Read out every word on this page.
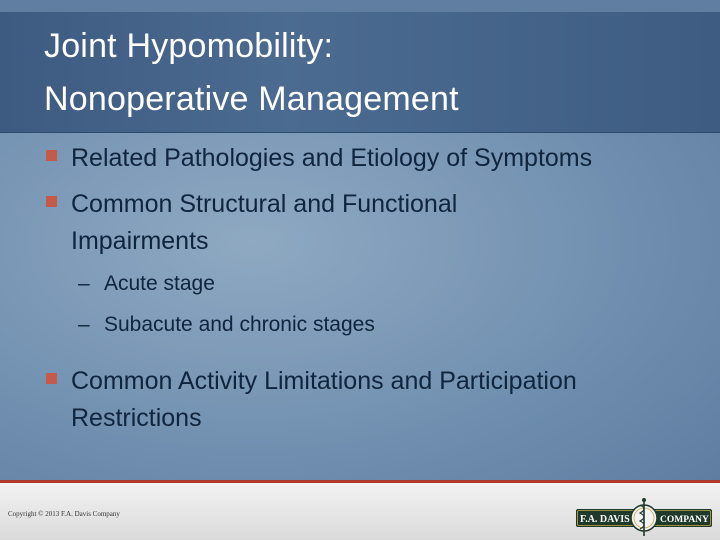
Joint Hypomobility:
Nonoperative Management
Related Pathologies and Etiology of Symptoms
Common Structural and Functional
Impairments
– Acute stage
– Subacute and chronic stages
Common Activity Limitations and Participation
Restrictions
Copyright © 2013 F.A. Davis Company	F.A. DAVIS	COMPANY
